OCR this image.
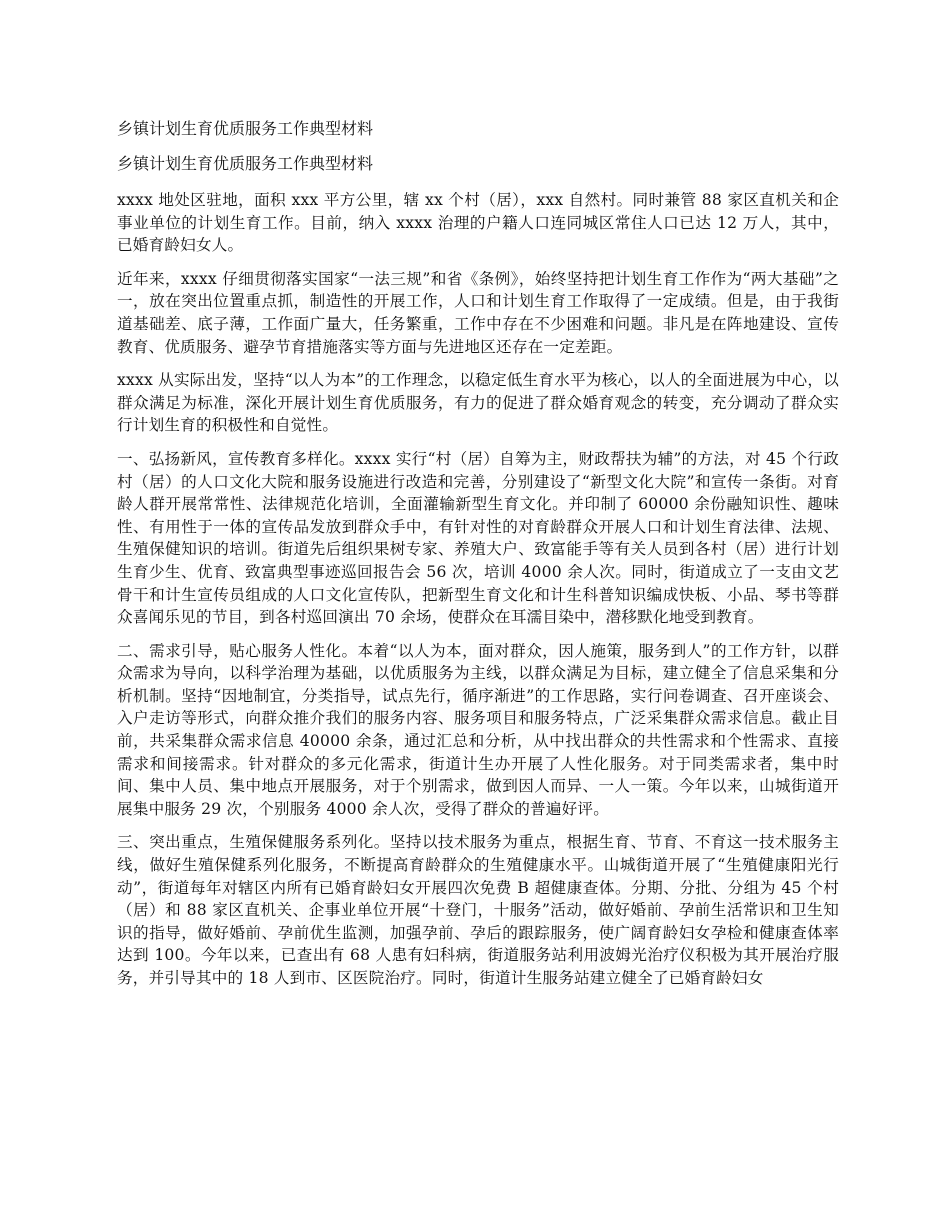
乡镇计划生育优质服务工作典型材料

乡镇计划生育优质服务工作典型材料

xxxx 地处区驻地，面积 xxx 平方公里，辖 xx 个村（居），xxx 自然村。同时兼管 88 家区直机关和企事业单位的计划生育工作。目前，纳入 xxxx 治理的户籍人口连同城区常住人口已达 12 万人，其中，已婚育龄妇女人。

近年来，xxxx 仔细贯彻落实国家“一法三规”和省《条例》，始终坚持把计划生育工作作为“两大基础”之一，放在突出位置重点抓，制造性的开展工作，人口和计划生育工作取得了一定成绩。但是，由于我街道基础差、底子薄，工作面广量大，任务繁重，工作中存在不少困难和问题。非凡是在阵地建设、宣传教育、优质服务、避孕节育措施落实等方面与先进地区还存在一定差距。

xxxx 从实际出发，坚持“以人为本”的工作理念，以稳定低生育水平为核心，以人的全面进展为中心，以群众满足为标准，深化开展计划生育优质服务，有力的促进了群众婚育观念的转变，充分调动了群众实行计划生育的积极性和自觉性。

一、弘扬新风，宣传教育多样化。xxxx 实行“村（居）自筹为主，财政帮扶为辅”的方法，对 45 个行政村（居）的人口文化大院和服务设施进行改造和完善，分别建设了“新型文化大院”和宣传一条街。对育龄人群开展常常性、法律规范化培训，全面灌输新型生育文化。并印制了 60000 余份融知识性、趣味性、有用性于一体的宣传品发放到群众手中，有针对性的对育龄群众开展人口和计划生育法律、法规、生殖保健知识的培训。街道先后组织果树专家、养殖大户、致富能手等有关人员到各村（居）进行计划生育少生、优育、致富典型事迹巡回报告会 56 次，培训 4000 余人次。同时，街道成立了一支由文艺骨干和计生宣传员组成的人口文化宣传队，把新型生育文化和计生科普知识编成快板、小品、琴书等群众喜闻乐见的节目，到各村巡回演出 70 余场，使群众在耳濡目染中，潜移默化地受到教育。

二、需求引导，贴心服务人性化。本着“以人为本，面对群众，因人施策，服务到人”的工作方针，以群众需求为导向，以科学治理为基础，以优质服务为主线，以群众满足为目标，建立健全了信息采集和分析机制。坚持“因地制宜，分类指导，试点先行，循序渐进”的工作思路，实行问卷调查、召开座谈会、入户走访等形式，向群众推介我们的服务内容、服务项目和服务特点，广泛采集群众需求信息。截止目前，共采集群众需求信息 40000 余条，通过汇总和分析，从中找出群众的共性需求和个性需求、直接需求和间接需求。针对群众的多元化需求，街道计生办开展了人性化服务。对于同类需求者，集中时间、集中人员、集中地点开展服务，对于个别需求，做到因人而异、一人一策。今年以来，山城街道开展集中服务 29 次，个别服务 4000 余人次，受得了群众的普遍好评。

三、突出重点，生殖保健服务系列化。坚持以技术服务为重点，根据生育、节育、不育这一技术服务主线，做好生殖保健系列化服务，不断提高育龄群众的生殖健康水平。山城街道开展了“生殖健康阳光行动”，街道每年对辖区内所有已婚育龄妇女开展四次免费 B 超健康查体。分期、分批、分组为 45 个村（居）和 88 家区直机关、企事业单位开展“十登门，十服务”活动，做好婚前、孕前生活常识和卫生知识的指导，做好婚前、孕前优生监测，加强孕前、孕后的跟踪服务，使广阔育龄妇女孕检和健康查体率达到 100。今年以来，已查出有 68 人患有妇科病，街道服务站利用波姆光治疗仪积极为其开展治疗服务，并引导其中的 18 人到市、区医院治疗。同时，街道计生服务站建立健全了已婚育龄妇女
